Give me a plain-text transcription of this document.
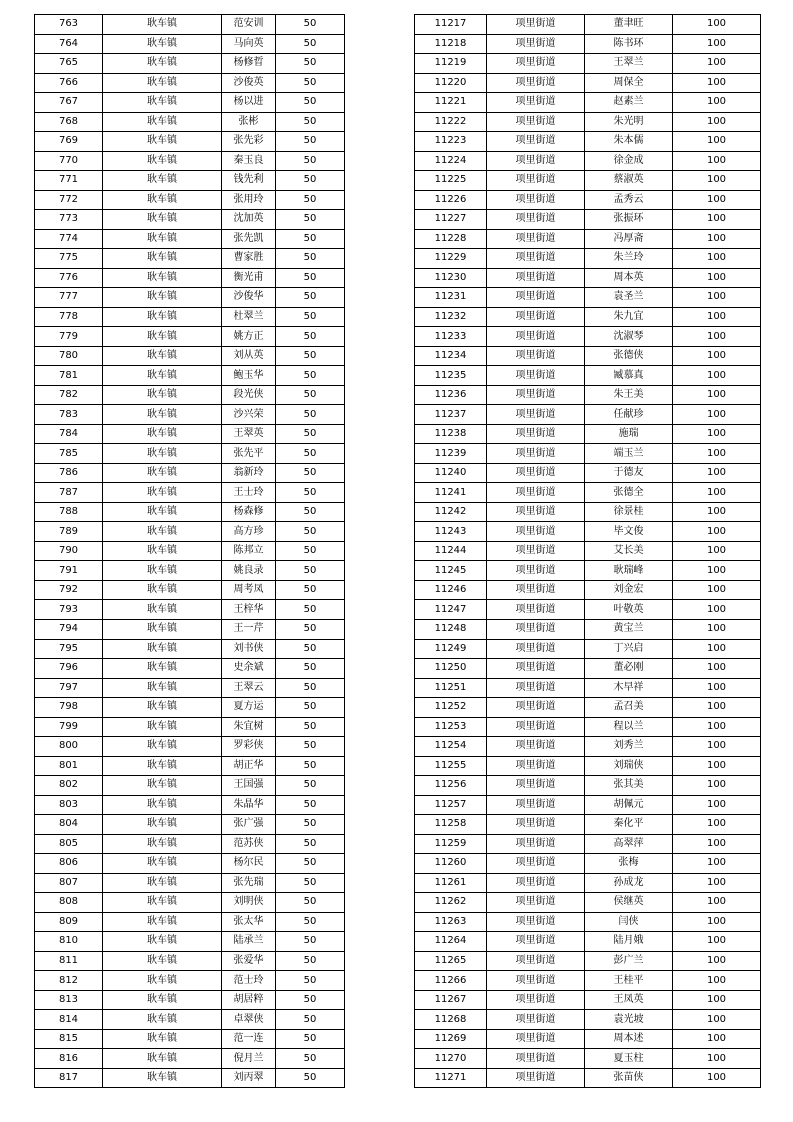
763	耿车镇	范安训	50
764	耿车镇	马向英	50
765	耿车镇	杨修晢	50
766	耿车镇	沙俊英	50
767	耿车镇	杨以进	50
768	耿车镇	张彬	50
769	耿车镇	张先彩	50
770	耿车镇	秦玉良	50
771	耿车镇	钱先利	50
772	耿车镇	张用玲	50
773	耿车镇	沈加英	50
774	耿车镇	张先凯	50
775	耿车镇	曹家胜	50
776	耿车镇	衡光甫	50
777	耿车镇	沙俊华	50
778	耿车镇	杜翠兰	50
779	耿车镇	姚方正	50
780	耿车镇	刘从英	50
781	耿车镇	鲍玉华	50
782	耿车镇	段光侠	50
783	耿车镇	沙兴荣	50
784	耿车镇	王翠英	50
785	耿车镇	张先平	50
786	耿车镇	翁新玲	50
787	耿车镇	王士玲	50
788	耿车镇	杨森修	50
789	耿车镇	高方珍	50
790	耿车镇	陈邦立	50
791	耿车镇	姚良录	50
792	耿车镇	周考凤	50
793	耿车镇	王梓华	50
794	耿车镇	王一芹	50
795	耿车镇	刘书侠	50
796	耿车镇	史余斌	50
797	耿车镇	王翠云	50
798	耿车镇	夏方运	50
799	耿车镇	朱宜树	50
800	耿车镇	罗彩侠	50
801	耿车镇	胡正华	50
802	耿车镇	王国强	50
803	耿车镇	朱晶华	50
804	耿车镇	张广强	50
805	耿车镇	范苏侠	50
806	耿车镇	杨尔民	50
807	耿车镇	张先瑞	50
808	耿车镇	刘明侠	50
809	耿车镇	张太华	50
810	耿车镇	陆承兰	50
811	耿车镇	张爱华	50
812	耿车镇	范士玲	50
813	耿车镇	胡居粹	50
814	耿车镇	卓翠侠	50
815	耿车镇	范一连	50
816	耿车镇	倪月兰	50
817	耿车镇	刘丙翠	50
11217	项里街道	董聿旺	100
11218	项里街道	陈书环	100
11219	项里街道	王翠兰	100
11220	项里街道	周保全	100
11221	项里街道	赵素兰	100
11222	项里街道	朱光明	100
11223	项里街道	朱本儒	100
11224	项里街道	徐金成	100
11225	项里街道	蔡淑英	100
11226	项里街道	孟秀云	100
11227	项里街道	张振环	100
11228	项里街道	冯厚斋	100
11229	项里街道	朱兰玲	100
11230	项里街道	周本英	100
11231	项里街道	袁圣兰	100
11232	项里街道	朱九宜	100
11233	项里街道	沈淑琴	100
11234	项里街道	张德侠	100
11235	项里街道	臧慕真	100
11236	项里街道	朱王美	100
11237	项里街道	任献珍	100
11238	项里街道	施瑞	100
11239	项里街道	端玉兰	100
11240	项里街道	于德友	100
11241	项里街道	张德全	100
11242	项里街道	徐景桂	100
11243	项里街道	毕文俊	100
11244	项里街道	艾长美	100
11245	项里街道	耿瑞峰	100
11246	项里街道	刘金宏	100
11247	项里街道	叶敬英	100
11248	项里街道	黄宝兰	100
11249	项里街道	丁兴启	100
11250	项里街道	董必刚	100
11251	项里街道	木早祥	100
11252	项里街道	孟召美	100
11253	项里街道	程以兰	100
11254	项里街道	刘秀兰	100
11255	项里街道	刘瑞侠	100
11256	项里街道	张其美	100
11257	项里街道	胡佩元	100
11258	项里街道	秦化平	100
11259	项里街道	高翠萍	100
11260	项里街道	张梅	100
11261	项里街道	孙成龙	100
11262	项里街道	侯继英	100
11263	项里街道	闫侠	100
11264	项里街道	陆月娥	100
11265	项里街道	彭广兰	100
11266	项里街道	王桂平	100
11267	项里街道	王凤英	100
11268	项里街道	袁光坡	100
11269	项里街道	周本述	100
11270	项里街道	夏玉柱	100
11271	项里街道	张苗侠	100
